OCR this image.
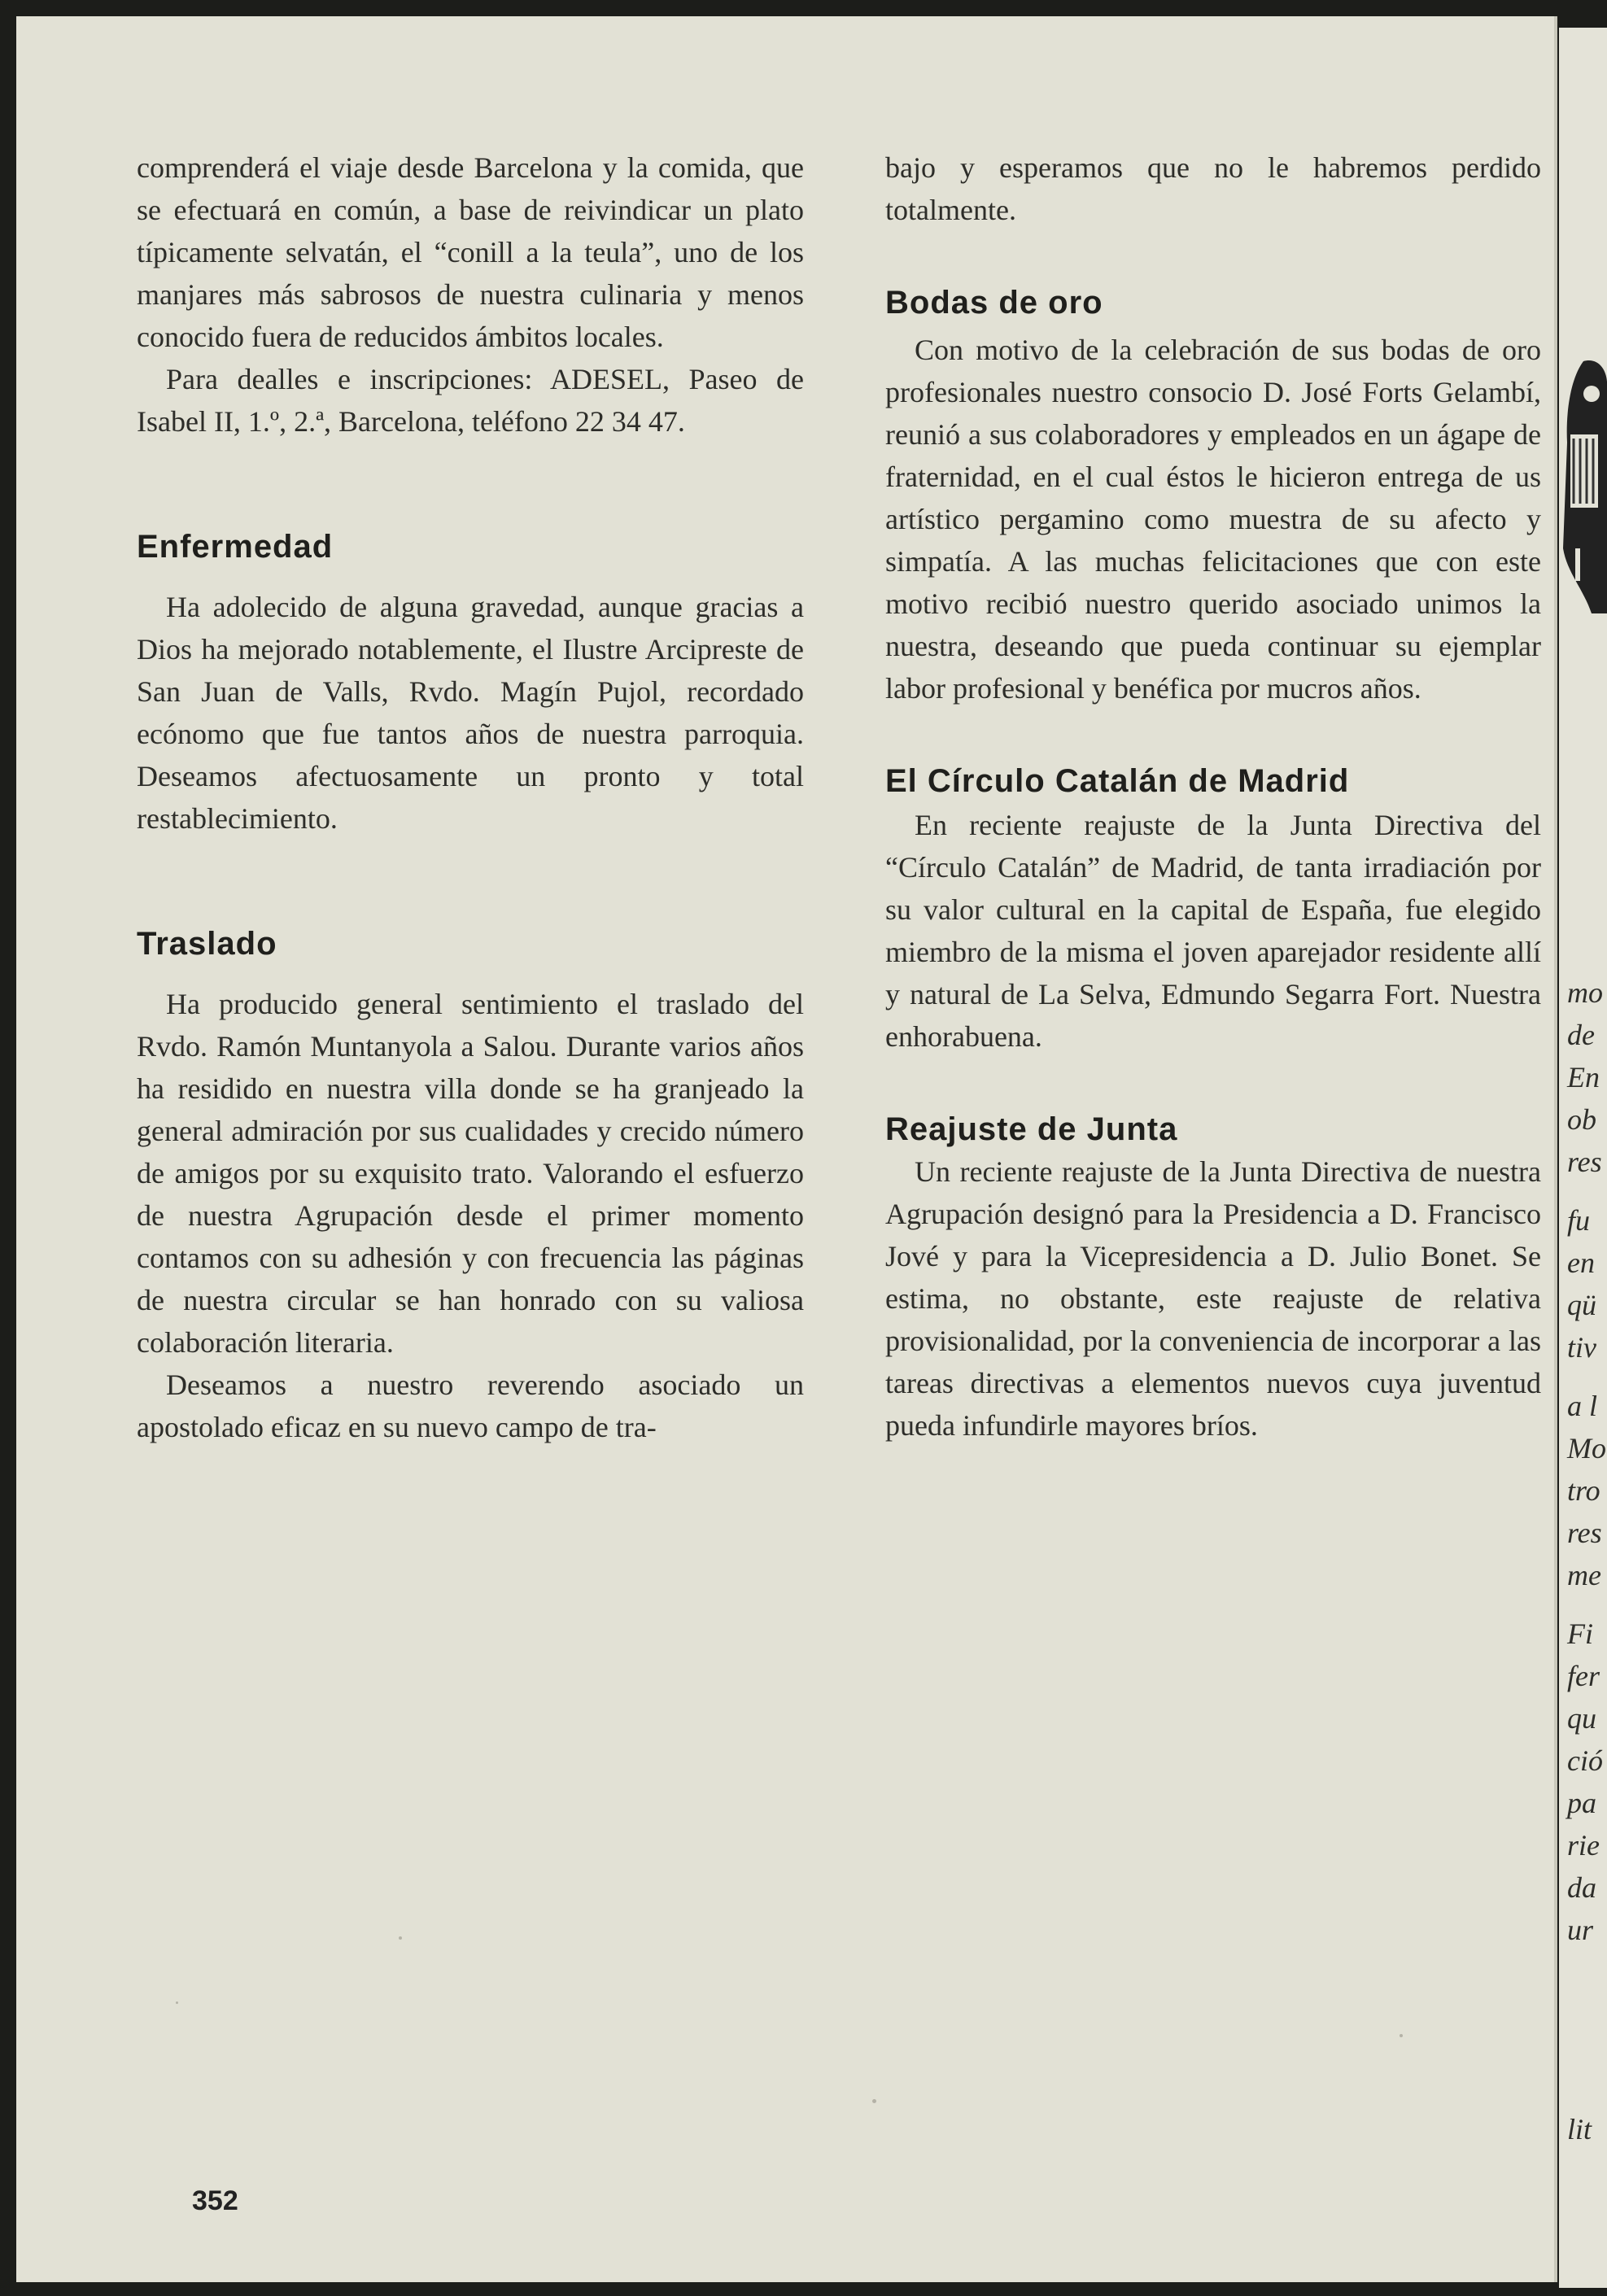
comprenderá el viaje desde Barcelona y la comida, que se efectuará en común, a base de reivindicar un plato típicamente selvatán, el “conill a la teula”, uno de los manjares más sabrosos de nuestra culinaria y menos conocido fuera de reducidos ámbitos locales.

Para dealles e inscripciones: ADESEL, Paseo de Isabel II, 1.º, 2.ª, Barcelona, teléfono 22 34 47.

Enfermedad

Ha adolecido de alguna gravedad, aunque gracias a Dios ha mejorado notablemente, el Ilustre Arcipreste de San Juan de Valls, Rvdo. Magín Pujol, recordado ecónomo que fue tantos años de nuestra parroquia. Deseamos afectuosamente un pronto y total restablecimiento.

Traslado

Ha producido general sentimiento el traslado del Rvdo. Ramón Muntanyola a Salou. Durante varios años ha residido en nuestra villa donde se ha granjeado la general admiración por sus cualidades y crecido número de amigos por su exquisito trato. Valorando el esfuerzo de nuestra Agrupación desde el primer momento contamos con su adhesión y con frecuencia las páginas de nuestra circular se han honrado con su valiosa colaboración literaria.

Deseamos a nuestro reverendo asociado un apostolado eficaz en su nuevo campo de tra-

bajo y esperamos que no le habremos perdido totalmente.

Bodas de oro

Con motivo de la celebración de sus bodas de oro profesionales nuestro consocio D. José Forts Gelambí, reunió a sus colaboradores y empleados en un ágape de fraternidad, en el cual éstos le hicieron entrega de us artístico pergamino como muestra de su afecto y simpatía. A las muchas felicitaciones que con este motivo recibió nuestro querido asociado unimos la nuestra, deseando que pueda continuar su ejemplar labor profesional y benéfica por mucros años.

El Círculo Catalán de Madrid

En reciente reajuste de la Junta Directiva del “Círculo Catalán” de Madrid, de tanta irradiación por su valor cultural en la capital de España, fue elegido miembro de la misma el joven aparejador residente allí y natural de La Selva, Edmundo Segarra Fort. Nuestra enhorabuena.

Reajuste de Junta

Un reciente reajuste de la Junta Directiva de nuestra Agrupación designó para la Presidencia a D. Francisco Jové y para la Vicepresidencia a D. Julio Bonet. Se estima, no obstante, este reajuste de relativa provisionalidad, por la conveniencia de incorporar a las tareas directivas a elementos nuevos cuya juventud pueda infundirle mayores bríos.

352
mo
de
En
ob
res
fu
en
qü
tiv
a l
Mo
tro
res
me
Fi
fer
qu
ció
pa
rie
da
ur
lit
